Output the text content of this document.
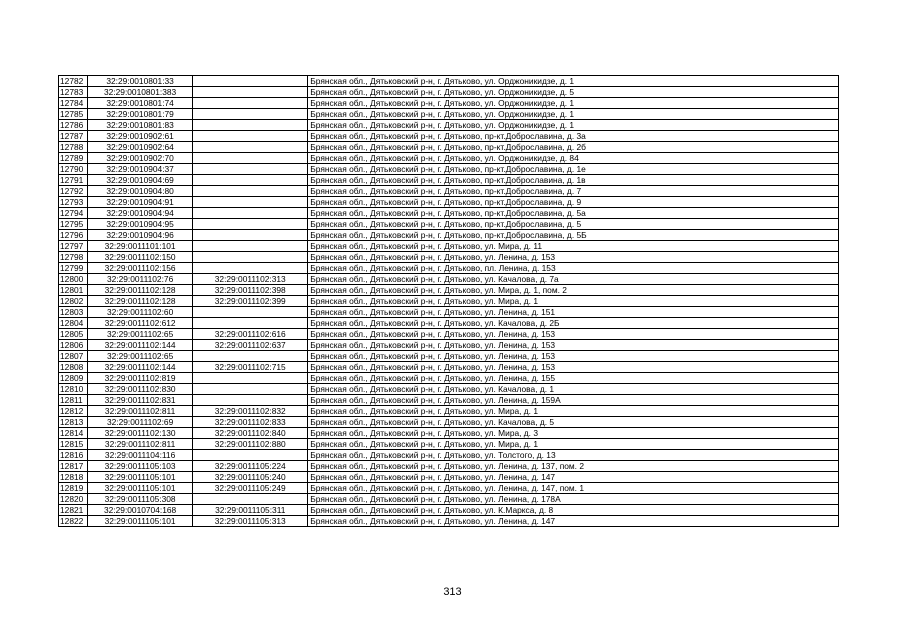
12782	32:29:0010801:33		Брянская обл., Дятьковский р-н, г. Дятьково, ул. Орджоникидзе, д. 1
12783	32:29:0010801:383		Брянская обл., Дятьковский р-н, г. Дятьково, ул. Орджоникидзе, д. 5
12784	32:29:0010801:74		Брянская обл., Дятьковский р-н, г. Дятьково, ул. Орджоникидзе, д. 1
12785	32:29:0010801:79		Брянская обл., Дятьковский р-н, г. Дятьково, ул. Орджоникидзе, д. 1
12786	32:29:0010801:83		Брянская обл., Дятьковский р-н, г. Дятьково, ул. Орджоникидзе, д. 1
12787	32:29:0010902:61		Брянская обл., Дятьковский р-н, г. Дятьково, пр-кт.Доброславина, д. 3а
12788	32:29:0010902:64		Брянская обл., Дятьковский р-н, г. Дятьково, пр-кт.Доброславина, д. 2б
12789	32:29:0010902:70		Брянская обл., Дятьковский р-н, г. Дятьково, ул. Орджоникидзе, д. 84
12790	32:29:0010904:37		Брянская обл., Дятьковский р-н, г. Дятьково, пр-кт.Доброславина, д. 1е
12791	32:29:0010904:69		Брянская обл., Дятьковский р-н, г. Дятьково, пр-кт.Доброславина, д. 1в
12792	32:29:0010904:80		Брянская обл., Дятьковский р-н, г. Дятьково, пр-кт.Доброславина, д. 7
12793	32:29:0010904:91		Брянская обл., Дятьковский р-н, г. Дятьково, пр-кт.Доброславина, д. 9
12794	32:29:0010904:94		Брянская обл., Дятьковский р-н, г. Дятьково, пр-кт.Доброславина, д. 5а
12795	32:29:0010904:95		Брянская обл., Дятьковский р-н, г. Дятьково, пр-кт.Доброславина, д. 5
12796	32:29:0010904:96		Брянская обл., Дятьковский р-н, г. Дятьково, пр-кт.Доброславина, д. 5Б
12797	32:29:0011101:101		Брянская обл., Дятьковский р-н, г. Дятьково, ул. Мира, д. 11
12798	32:29:0011102:150		Брянская обл., Дятьковский р-н, г. Дятьково, ул. Ленина, д. 153
12799	32:29:0011102:156		Брянская обл., Дятьковский р-н, г. Дятьково, пл. Ленина, д. 153
12800	32:29:0011102:76	32:29:0011102:313	Брянская обл., Дятьковский р-н, г. Дятьково, ул. Качалова, д. 7а
12801	32:29:0011102:128	32:29:0011102:398	Брянская обл., Дятьковский р-н, г. Дятьково, ул. Мира, д. 1, пом. 2
12802	32:29:0011102:128	32:29:0011102:399	Брянская обл., Дятьковский р-н, г. Дятьково, ул. Мира, д. 1
12803	32:29:0011102:60		Брянская обл., Дятьковский р-н, г. Дятьково, ул. Ленина, д. 151
12804	32:29:0011102:612		Брянская обл., Дятьковский р-н, г. Дятьково, ул. Качалова, д. 2Б
12805	32:29:0011102:65	32:29:0011102:616	Брянская обл., Дятьковский р-н, г. Дятьково, ул. Ленина, д. 153
12806	32:29:0011102:144	32:29:0011102:637	Брянская обл., Дятьковский р-н, г. Дятьково, ул. Ленина, д. 153
12807	32:29:0011102:65		Брянская обл., Дятьковский р-н, г. Дятьково, ул. Ленина, д. 153
12808	32:29:0011102:144	32:29:0011102:715	Брянская обл., Дятьковский р-н, г. Дятьково, ул. Ленина, д. 153
12809	32:29:0011102:819		Брянская обл., Дятьковский р-н, г. Дятьково, ул. Ленина, д. 155
12810	32:29:0011102:830		Брянская обл., Дятьковский р-н, г. Дятьково, ул. Качалова, д. 1
12811	32:29:0011102:831		Брянская обл., Дятьковский р-н, г. Дятьково, ул. Ленина, д. 159А
12812	32:29:0011102:811	32:29:0011102:832	Брянская обл., Дятьковский р-н, г. Дятьково, ул. Мира, д. 1
12813	32:29:0011102:69	32:29:0011102:833	Брянская обл., Дятьковский р-н, г. Дятьково, ул. Качалова, д. 5
12814	32:29:0011102:130	32:29:0011102:840	Брянская обл., Дятьковский р-н, г. Дятьково, ул. Мира, д. 3
12815	32:29:0011102:811	32:29:0011102:880	Брянская обл., Дятьковский р-н, г. Дятьково, ул. Мира, д. 1
12816	32:29:0011104:116		Брянская обл., Дятьковский р-н, г. Дятьково, ул. Толстого, д. 13
12817	32:29:0011105:103	32:29:0011105:224	Брянская обл., Дятьковский р-н, г. Дятьково, ул. Ленина, д. 137, пом. 2
12818	32:29:0011105:101	32:29:0011105:240	Брянская обл., Дятьковский р-н, г. Дятьково, ул. Ленина, д. 147
12819	32:29:0011105:101	32:29:0011105:249	Брянская обл., Дятьковский р-н, г. Дятьково, ул. Ленина, д. 147, пом. 1
12820	32:29:0011105:308		Брянская обл., Дятьковский р-н, г. Дятьково, ул. Ленина, д. 178А
12821	32:29:0010704:168	32:29:0011105:311	Брянская обл., Дятьковский р-н, г. Дятьково, ул. К.Маркса, д. 8
12822	32:29:0011105:101	32:29:0011105:313	Брянская обл., Дятьковский р-н, г. Дятьково, ул. Ленина, д. 147
313
